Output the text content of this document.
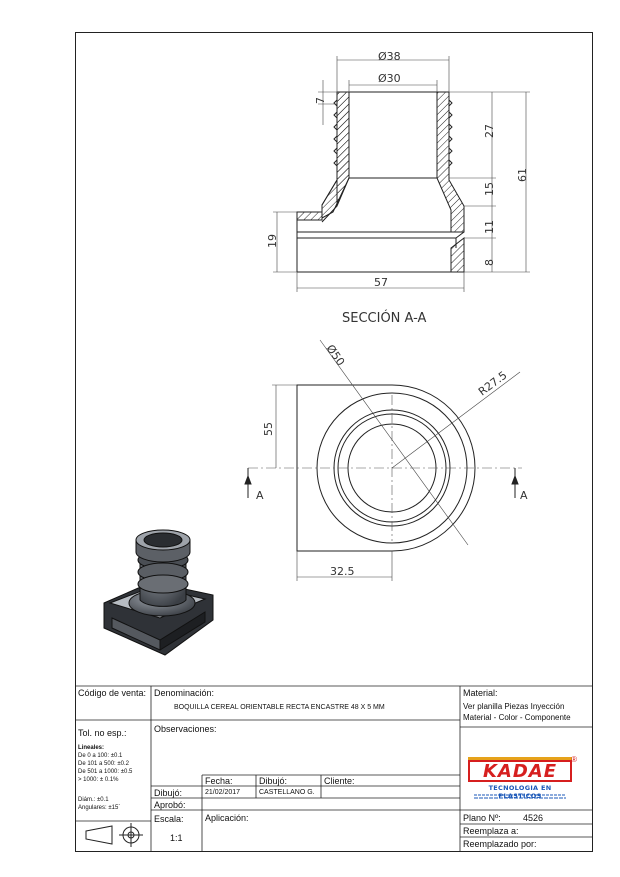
Ø38
Ø30
7
27
61
15
11
8
19
57
SECCIÓN A-A
Ø50
R27.5
55
32.5
A	A
Código de venta: Denominación:
BOQUILLA CEREAL ORIENTABLE RECTA ENCASTRE 48 X 5 MM
Material:
Ver planilla Piezas Inyección
Material - Color - Componente
Tol. no esp.:
Lineales:
De 0 a 100: ±0.1
De 101 a 500: ±0.2
De 501 a 1000: ±0.5
> 1000: ± 0.1%
Diám.: ±0.1
Angulares: ±15´
Observaciones:
Fecha:	Dibujó:	Cliente:
Dibujó:	21/02/2017	CASTELLANO G.
Aprobó:
Escala:
1:1
Aplicación:	Plano Nº: 4526
Reemplaza a:
Reemplazado por:
KADAE
®
TECNOLOGIA EN PLASTICOS
